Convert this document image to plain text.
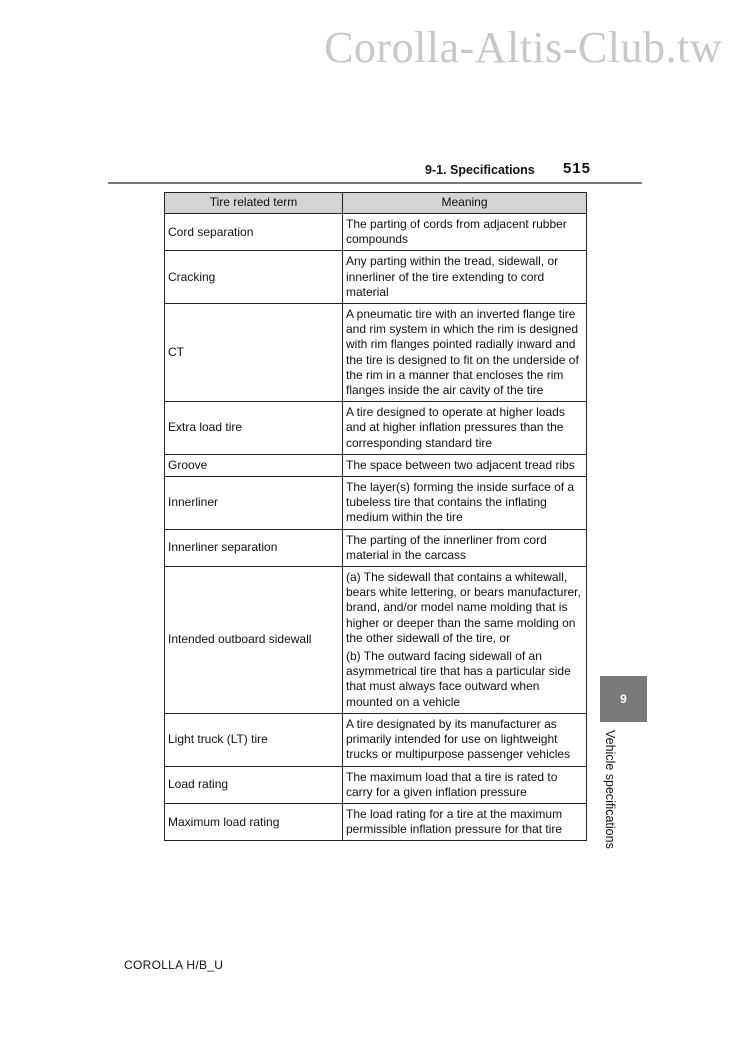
Corolla-Altis-Club.tw
9-1. Specifications 515
Tire related term	Meaning
Cord separation	The parting of cords from adjacent rubber compounds

Cracking	Any parting within the tread, sidewall, or innerliner of the tire extending to cord material

CT	A pneumatic tire with an inverted flange tire and rim system in which the rim is designed with rim flanges pointed radially inward and the tire is designed to fit on the underside of the rim in a manner that encloses the rim flanges inside the air cavity of the tire

Extra load tire	A tire designed to operate at higher loads and at higher inflation pressures than the corresponding standard tire

Groove	The space between two adjacent tread ribs

Innerliner	The layer(s) forming the inside surface of a tubeless tire that contains the inflating medium within the tire

Innerliner separation	The parting of the innerliner from cord material in the carcass

Intended outboard sidewall	(a) The sidewall that contains a whitewall, bears white lettering, or bears manufacturer, brand, and/or model name molding that is higher or deeper than the same molding on the other sidewall of the tire, or
(b) The outward facing sidewall of an asymmetrical tire that has a particular side that must always face outward when mounted on a vehicle

Light truck (LT) tire	A tire designated by its manufacturer as primarily intended for use on lightweight trucks or multipurpose passenger vehicles

Load rating	The maximum load that a tire is rated to carry for a given inflation pressure

Maximum load rating	The load rating for a tire at the maximum permissible inflation pressure for that tire
9
Vehicle specifications
COROLLA H/B_U
